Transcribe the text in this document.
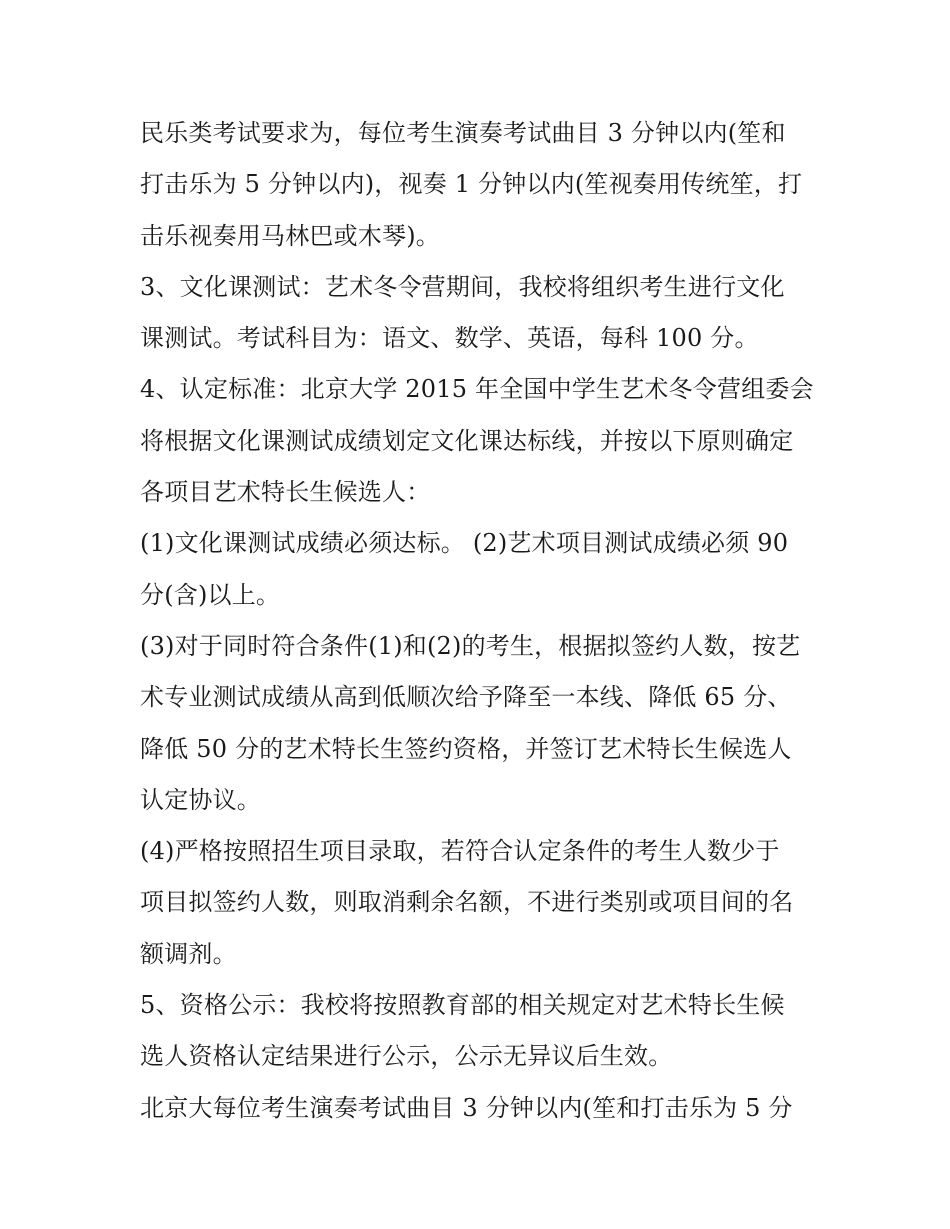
民乐类考试要求为，每位考生演奏考试曲目 3 分钟以内(笙和
打击乐为 5 分钟以内)，视奏 1 分钟以内(笙视奏用传统笙，打
击乐视奏用马林巴或木琴)。
3、文化课测试：艺术冬令营期间，我校将组织考生进行文化
课测试。考试科目为：语文、数学、英语，每科 100 分。
4、认定标准：北京大学 2015 年全国中学生艺术冬令营组委会
将根据文化课测试成绩划定文化课达标线，并按以下原则确定
各项目艺术特长生候选人：
(1)文化课测试成绩必须达标。 (2)艺术项目测试成绩必须 90
分(含)以上。
(3)对于同时符合条件(1)和(2)的考生，根据拟签约人数，按艺
术专业测试成绩从高到低顺次给予降至一本线、降低 65 分、
降低 50 分的艺术特长生签约资格，并签订艺术特长生候选人
认定协议。
(4)严格按照招生项目录取，若符合认定条件的考生人数少于
项目拟签约人数，则取消剩余名额，不进行类别或项目间的名
额调剂。
5、资格公示：我校将按照教育部的相关规定对艺术特长生候
选人资格认定结果进行公示，公示无异议后生效。
北京大每位考生演奏考试曲目 3 分钟以内(笙和打击乐为 5 分
